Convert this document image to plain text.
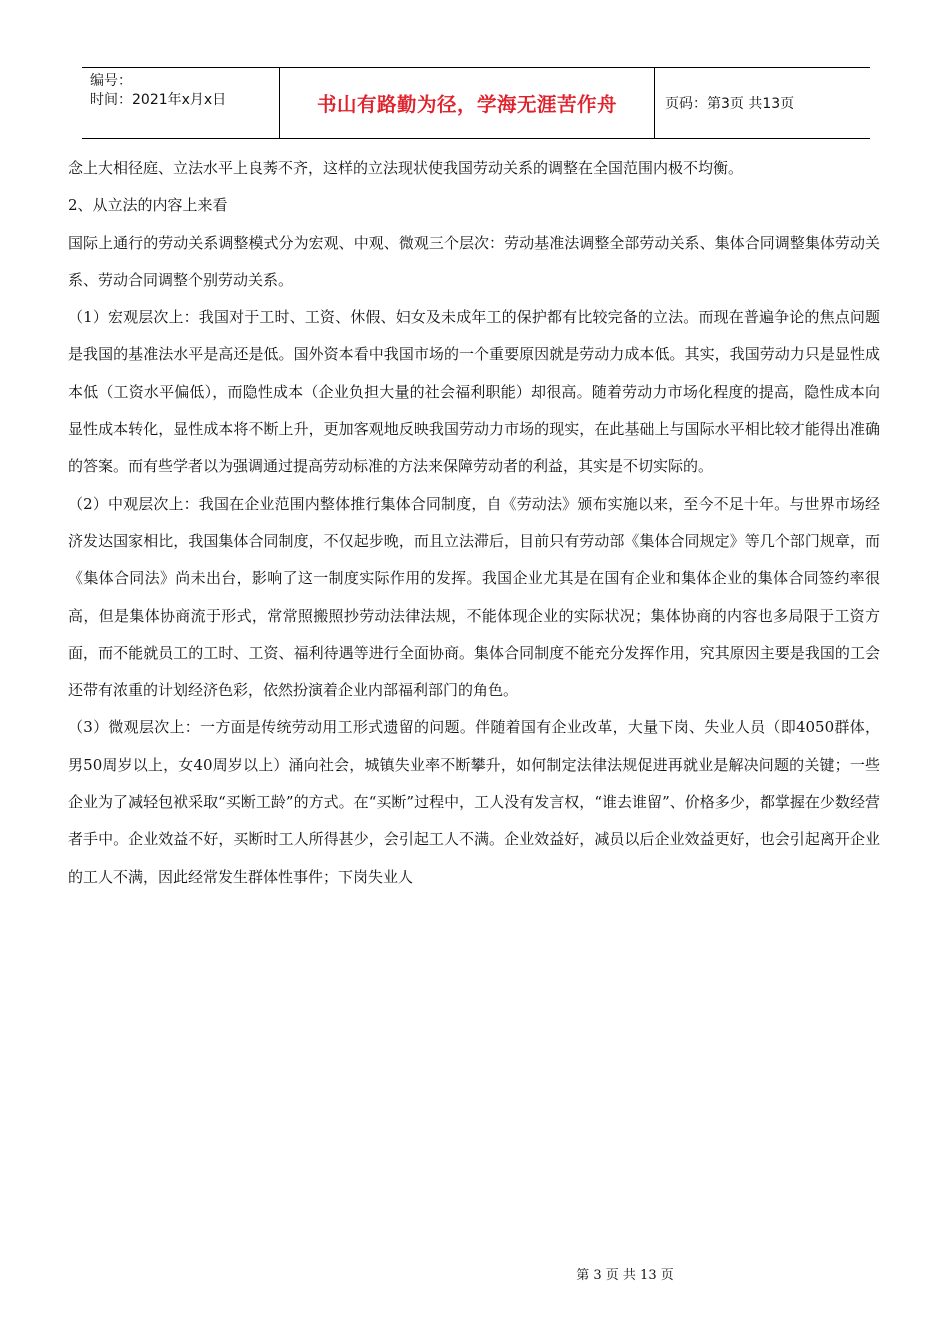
编号：
时间：2021年x月x日	书山有路勤为径，学海无涯苦作舟	页码：第3页 共13页

念上大相径庭、立法水平上良莠不齐，这样的立法现状使我国劳动关系的调整在全国范围内极不均衡。

2、从立法的内容上来看

国际上通行的劳动关系调整模式分为宏观、中观、微观三个层次：劳动基准法调整全部劳动关系、集体合同调整集体劳动关系、劳动合同调整个别劳动关系。

（1）宏观层次上：我国对于工时、工资、休假、妇女及未成年工的保护都有比较完备的立法。而现在普遍争论的焦点问题是我国的基准法水平是高还是低。国外资本看中我国市场的一个重要原因就是劳动力成本低。其实，我国劳动力只是显性成本低（工资水平偏低），而隐性成本（企业负担大量的社会福利职能）却很高。随着劳动力市场化程度的提高，隐性成本向显性成本转化，显性成本将不断上升，更加客观地反映我国劳动力市场的现实，在此基础上与国际水平相比较才能得出准确的答案。而有些学者以为强调通过提高劳动标准的方法来保障劳动者的利益，其实是不切实际的。

（2）中观层次上：我国在企业范围内整体推行集体合同制度，自《劳动法》颁布实施以来，至今不足十年。与世界市场经济发达国家相比，我国集体合同制度，不仅起步晚，而且立法滞后，目前只有劳动部《集体合同规定》等几个部门规章，而《集体合同法》尚未出台，影响了这一制度实际作用的发挥。我国企业尤其是在国有企业和集体企业的集体合同签约率很高，但是集体协商流于形式，常常照搬照抄劳动法律法规，不能体现企业的实际状况；集体协商的内容也多局限于工资方面，而不能就员工的工时、工资、福利待遇等进行全面协商。集体合同制度不能充分发挥作用，究其原因主要是我国的工会还带有浓重的计划经济色彩，依然扮演着企业内部福利部门的角色。

（3）微观层次上：一方面是传统劳动用工形式遗留的问题。伴随着国有企业改革，大量下岗、失业人员（即4050群体，男50周岁以上，女40周岁以上）涌向社会，城镇失业率不断攀升，如何制定法律法规促进再就业是解决问题的关键；一些企业为了减轻包袱采取“买断工龄”的方式。在“买断”过程中，工人没有发言权，“谁去谁留”、价格多少，都掌握在少数经营者手中。企业效益不好，买断时工人所得甚少，会引起工人不满。企业效益好，减员以后企业效益更好，也会引起离开企业的工人不满，因此经常发生群体性事件；下岗失业人

第 3 页 共 13 页
